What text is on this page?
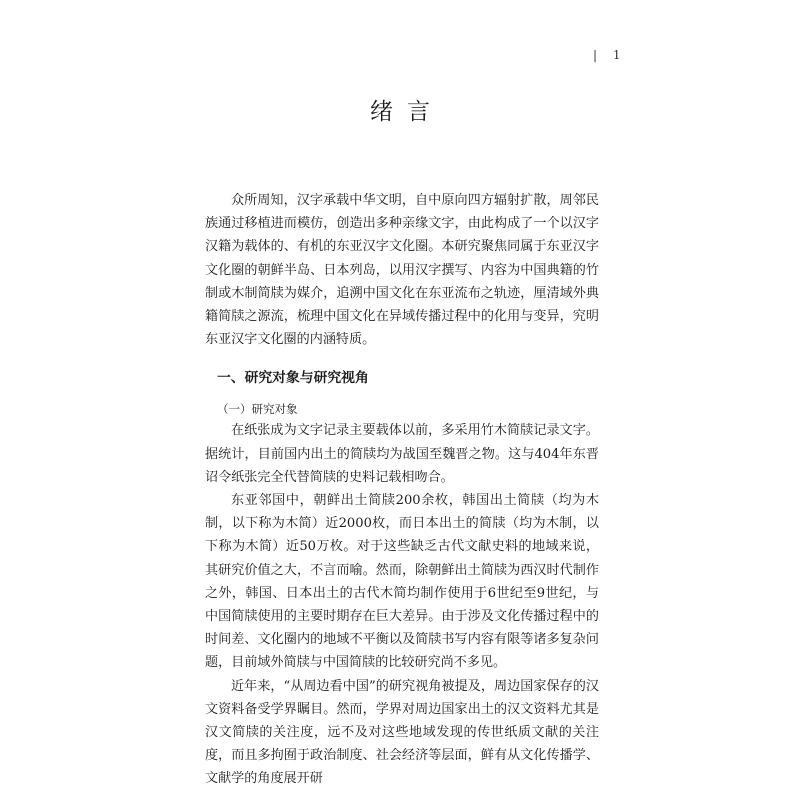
| 1
绪言

众所周知，汉字承载中华文明，自中原向四方辐射扩散，周邻民族通过移植进而模仿，创造出多种亲缘文字，由此构成了一个以汉字汉籍为载体的、有机的东亚汉字文化圈。本研究聚焦同属于东亚汉字文化圈的朝鲜半岛、日本列岛，以用汉字撰写、内容为中国典籍的竹制或木制简牍为媒介，追溯中国文化在东亚流布之轨迹，厘清域外典籍简牍之源流，梳理中国文化在异域传播过程中的化用与变异，究明东亚汉字文化圈的内涵特质。

一、研究对象与研究视角
（一）研究对象

在纸张成为文字记录主要载体以前，多采用竹木简牍记录文字。据统计，目前国内出土的简牍均为战国至魏晋之物。这与404年东晋诏令纸张完全代替简牍的史料记载相吻合。

东亚邻国中，朝鲜出土简牍200余枚，韩国出土简牍（均为木制，以下称为木简）近2000枚，而日本出土的简牍（均为木制，以下称为木简）近50万枚。对于这些缺乏古代文献史料的地域来说，其研究价值之大，不言而喻。然而，除朝鲜出土简牍为西汉时代制作之外，韩国、日本出土的古代木简均制作使用于6世纪至9世纪，与中国简牍使用的主要时期存在巨大差异。由于涉及文化传播过程中的时间差、文化圈内的地域不平衡以及简牍书写内容有限等诸多复杂问题，目前域外简牍与中国简牍的比较研究尚不多见。

近年来，“从周边看中国”的研究视角被提及，周边国家保存的汉文资料备受学界瞩目。然而，学界对周边国家出土的汉文资料尤其是汉文简牍的关注度，远不及对这些地域发现的传世纸质文献的关注度，而且多拘囿于政治制度、社会经济等层面，鲜有从文化传播学、文献学的角度展开研
